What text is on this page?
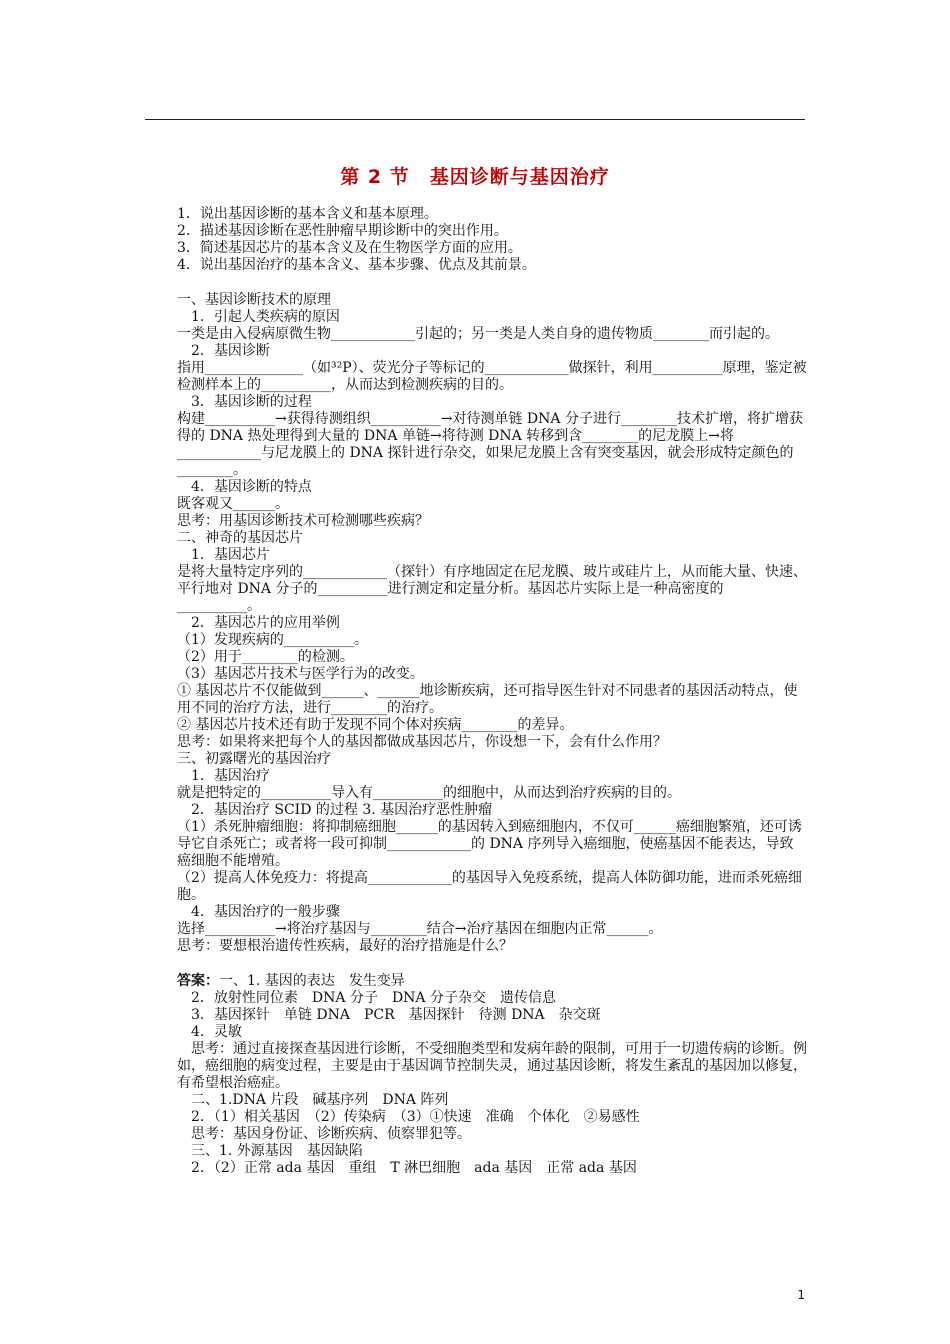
第 2 节　基因诊断与基因治疗

1．说出基因诊断的基本含义和基本原理。

2．描述基因诊断在恶性肿瘤早期诊断中的突出作用。

3．简述基因芯片的基本含义及在生物医学方面的应用。

4．说出基因治疗的基本含义、基本步骤、优点及其前景。

一、基因诊断技术的原理

1．引起人类疾病的原因

一类是由入侵病原微生物____________引起的；另一类是人类自身的遗传物质________而引起的。

2．基因诊断

指用______________（如³²P）、荧光分子等标记的____________做探针，利用__________原理，鉴定被检测样本上的__________，从而达到检测疾病的目的。

3．基因诊断的过程

构建__________→获得待测组织__________→对待测单链 DNA 分子进行________技术扩增，将扩增获得的 DNA 热处理得到大量的 DNA 单链→将待测 DNA 转移到含________的尼龙膜上→将____________与尼龙膜上的 DNA 探针进行杂交，如果尼龙膜上含有突变基因，就会形成特定颜色的________。

4．基因诊断的特点

既客观又______。

思考：用基因诊断技术可检测哪些疾病？

二、神奇的基因芯片

1．基因芯片

是将大量特定序列的____________（探针）有序地固定在尼龙膜、玻片或硅片上，从而能大量、快速、平行地对 DNA 分子的__________进行测定和定量分析。基因芯片实际上是一种高密度的__________。

2．基因芯片的应用举例

（1）发现疾病的__________。

（2）用于________的检测。

（3）基因芯片技术与医学行为的改变。

① 基因芯片不仅能做到______、______地诊断疾病，还可指导医生针对不同患者的基因活动特点，使用不同的治疗方法，进行________的治疗。

② 基因芯片技术还有助于发现不同个体对疾病________的差异。

思考：如果将来把每个人的基因都做成基因芯片，你设想一下，会有什么作用？

三、初露曙光的基因治疗

1．基因治疗

就是把特定的__________导入有__________的细胞中，从而达到治疗疾病的目的。

2．基因治疗 SCID 的过程 3. 基因治疗恶性肿瘤

（1）杀死肿瘤细胞：将抑制癌细胞______的基因转入到癌细胞内，不仅可______癌细胞繁殖，还可诱导它自杀死亡；或者将一段可抑制____________的 DNA 序列导入癌细胞，使癌基因不能表达，导致癌细胞不能增殖。

（2）提高人体免疫力：将提高____________的基因导入免疫系统，提高人体防御功能，进而杀死癌细胞。

4．基因治疗的一般步骤

选择__________→将治疗基因与________结合→治疗基因在细胞内正常______。

思考：要想根治遗传性疾病，最好的治疗措施是什么？

答案：一、1. 基因的表达　发生变异

2．放射性同位素　DNA 分子　DNA 分子杂交　遗传信息

3．基因探针　单链 DNA　PCR　基因探针　待测 DNA　杂交斑

4．灵敏

思考：通过直接探查基因进行诊断，不受细胞类型和发病年龄的限制，可用于一切遗传病的诊断。例如，癌细胞的病变过程，主要是由于基因调节控制失灵，通过基因诊断，将发生紊乱的基因加以修复，有希望根治癌症。

二、1.DNA 片段　碱基序列　DNA 阵列

2．（1）相关基因　（2）传染病　（3）①快速　准确　个体化　②易感性

思考：基因身份证、诊断疾病、侦察罪犯等。

三、1. 外源基因　基因缺陷

2．（2）正常 ada 基因　重组　T 淋巴细胞　ada 基因　正常 ada 基因

1
